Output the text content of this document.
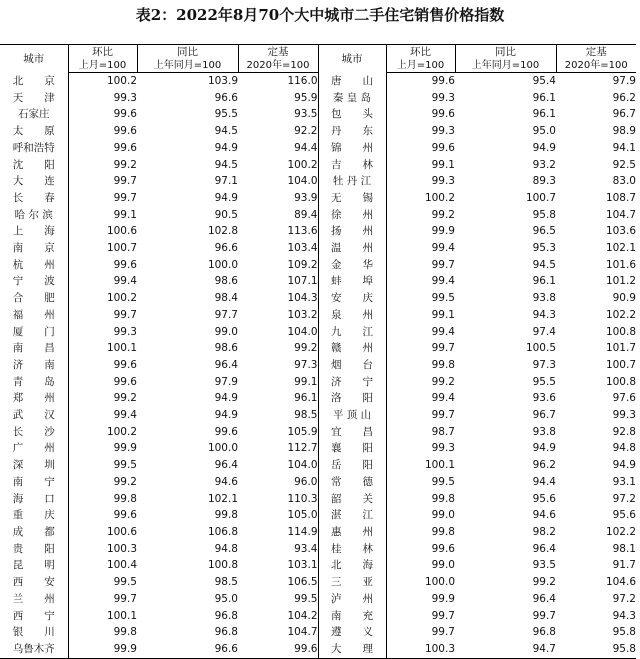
表2：2022年8月70个大中城市二手住宅销售价格指数
城市	环比	同比	定基	城市	环比	同比	定基
	上月=100	上年同月=100	2020年=100		上月=100	上年同月=100	2020年=100
北　　京	100.2	103.9	116.0	唐　　山	99.6	95.4	97.9
天　　津	99.3	96.6	95.9	秦 皇 岛	99.3	96.1	96.2
石家庄	99.6	95.5	93.5	包　　头	99.6	96.1	96.7
太　　原	99.6	94.5	92.2	丹　　东	99.3	95.0	98.9
呼和浩特	99.6	94.9	94.4	锦　　州	99.6	94.9	94.1
沈　　阳	99.2	94.5	100.2	吉　　林	99.1	93.2	92.5
大　　连	99.7	97.1	104.0	牡 丹 江	99.3	89.3	83.0
长　　春	99.7	94.9	93.9	无　　锡	100.2	100.7	108.7
哈 尔 滨	99.1	90.5	89.4	徐　　州	99.2	95.8	104.7
上　　海	100.6	102.8	113.6	扬　　州	99.9	96.5	103.6
南　　京	100.7	96.6	103.4	温　　州	99.4	95.3	102.1
杭　　州	99.6	100.0	109.2	金　　华	99.7	94.5	101.6
宁　　波	99.4	98.6	107.1	蚌　　埠	99.4	96.1	101.2
合　　肥	100.2	98.4	104.3	安　　庆	99.5	93.8	90.9
福　　州	99.7	97.7	103.2	泉　　州	99.1	94.3	102.2
厦　　门	99.3	99.0	104.0	九　　江	99.4	97.4	100.8
南　　昌	100.1	98.6	99.2	赣　　州	99.7	100.5	101.7
济　　南	99.6	96.4	97.3	烟　　台	99.8	97.3	100.7
青　　岛	99.6	97.9	99.1	济　　宁	99.2	95.5	100.8
郑　　州	99.2	94.9	96.1	洛　　阳	99.4	93.6	97.6
武　　汉	99.4	94.9	98.5	平 顶 山	99.7	96.7	99.3
长　　沙	100.2	99.6	105.9	宜　　昌	98.7	93.8	92.8
广　　州	99.9	100.0	112.7	襄　　阳	99.3	94.9	94.8
深　　圳	99.5	96.4	104.0	岳　　阳	100.1	96.2	94.9
南　　宁	99.2	94.6	96.0	常　　德	99.5	94.4	93.1
海　　口	99.8	102.1	110.3	韶　　关	99.8	95.6	97.2
重　　庆	99.6	99.8	105.0	湛　　江	99.0	94.6	95.6
成　　都	100.6	106.8	114.9	惠　　州	99.8	98.2	102.2
贵　　阳	100.3	94.8	93.4	桂　　林	99.6	96.4	98.1
昆　　明	100.4	100.8	103.1	北　　海	99.0	93.5	91.7
西　　安	99.5	98.5	106.5	三　　亚	100.0	99.2	104.6
兰　　州	99.7	95.0	99.5	泸　　州	99.9	96.4	97.2
西　　宁	100.1	96.8	104.2	南　　充	99.7	99.7	94.3
银　　川	99.8	96.8	104.7	遵　　义	99.7	96.8	95.8
乌鲁木齐	99.9	96.6	99.6	大　　理	100.3	94.7	95.8
